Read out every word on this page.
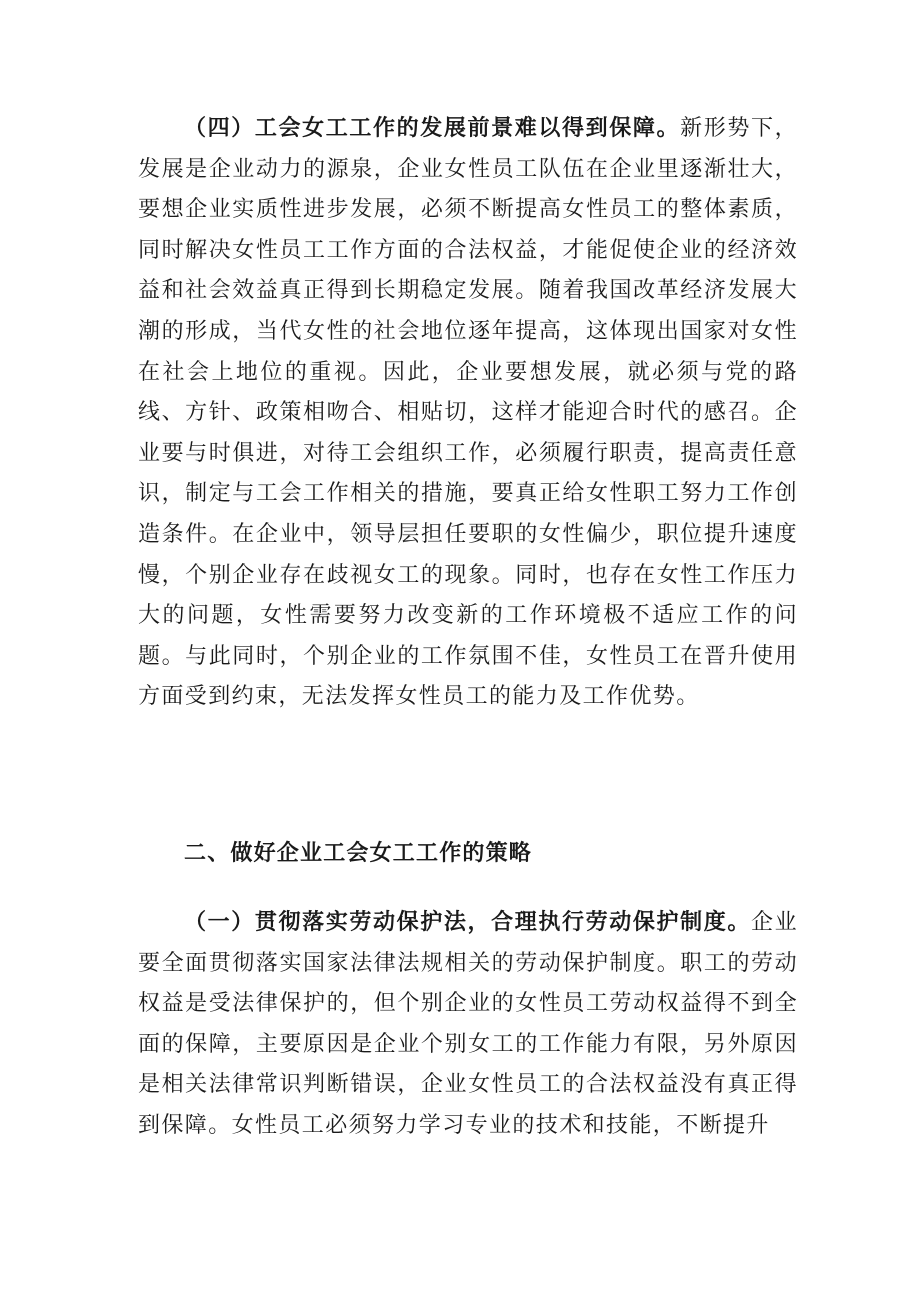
（四）工会女工工作的发展前景难以得到保障。新形势下，发展是企业动力的源泉，企业女性员工队伍在企业里逐渐壮大，要想企业实质性进步发展，必须不断提高女性员工的整体素质，同时解决女性员工工作方面的合法权益，才能促使企业的经济效益和社会效益真正得到长期稳定发展。随着我国改革经济发展大潮的形成，当代女性的社会地位逐年提高，这体现出国家对女性在社会上地位的重视。因此，企业要想发展，就必须与党的路线、方针、政策相吻合、相贴切，这样才能迎合时代的感召。企业要与时俱进，对待工会组织工作，必须履行职责，提高责任意识，制定与工会工作相关的措施，要真正给女性职工努力工作创造条件。在企业中，领导层担任要职的女性偏少，职位提升速度慢，个别企业存在歧视女工的现象。同时，也存在女性工作压力大的问题，女性需要努力改变新的工作环境极不适应工作的问题。与此同时，个别企业的工作氛围不佳，女性员工在晋升使用方面受到约束，无法发挥女性员工的能力及工作优势。

二、做好企业工会女工工作的策略

（一）贯彻落实劳动保护法，合理执行劳动保护制度。企业要全面贯彻落实国家法律法规相关的劳动保护制度。职工的劳动权益是受法律保护的，但个别企业的女性员工劳动权益得不到全面的保障，主要原因是企业个别女工的工作能力有限，另外原因是相关法律常识判断错误，企业女性员工的合法权益没有真正得到保障。女性员工必须努力学习专业的技术和技能，不断提升
